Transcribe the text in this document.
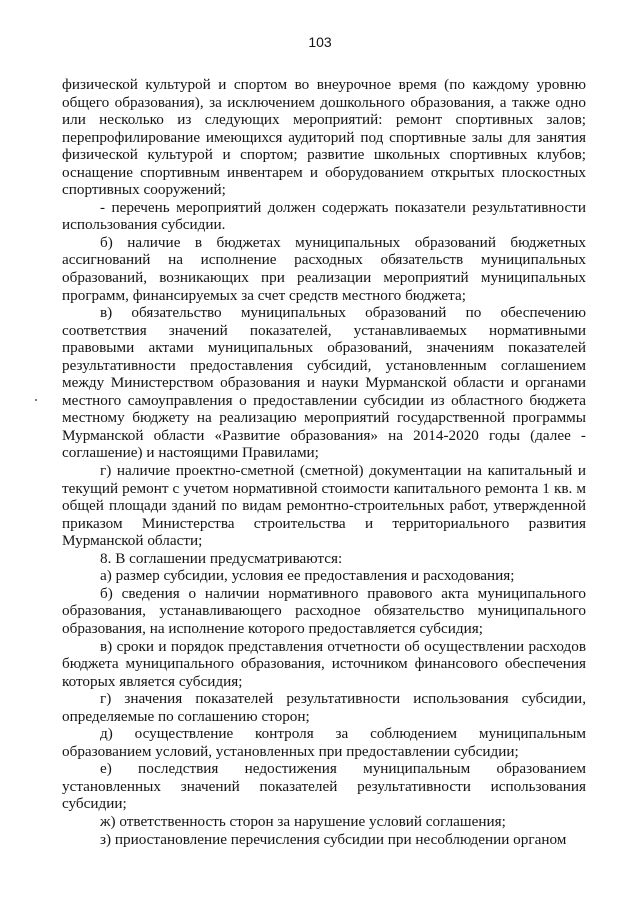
103

физической культурой и спортом во внеурочное время (по каждому уровню общего образования), за исключением дошкольного образования, а также одно или несколько из следующих мероприятий: ремонт спортивных залов; перепрофилирование имеющихся аудиторий под спортивные залы для занятия физической культурой и спортом; развитие школьных спортивных клубов; оснащение спортивным инвентарем и оборудованием открытых плоскостных спортивных сооружений;

- перечень мероприятий должен содержать показатели результативности использования субсидии.

б) наличие в бюджетах муниципальных образований бюджетных ассигнований на исполнение расходных обязательств муниципальных образований, возникающих при реализации мероприятий муниципальных программ, финансируемых за счет средств местного бюджета;

в) обязательство муниципальных образований по обеспечению соответствия значений показателей, устанавливаемых нормативными правовыми актами муниципальных образований, значениям показателей результативности предоставления субсидий, установленным соглашением между Министерством образования и науки Мурманской области и органами местного самоуправления о предоставлении субсидии из областного бюджета местному бюджету на реализацию мероприятий государственной программы Мурманской области «Развитие образования» на 2014-2020 годы (далее - соглашение) и настоящими Правилами;

г) наличие проектно-сметной (сметной) документации на капитальный и текущий ремонт с учетом нормативной стоимости капитального ремонта 1 кв. м общей площади зданий по видам ремонтно-строительных работ, утвержденной приказом Министерства строительства и территориального развития Мурманской области;

8. В соглашении предусматриваются:

а) размер субсидии, условия ее предоставления и расходования;

б) сведения о наличии нормативного правового акта муниципального образования, устанавливающего расходное обязательство муниципального образования, на исполнение которого предоставляется субсидия;

в) сроки и порядок представления отчетности об осуществлении расходов бюджета муниципального образования, источником финансового обеспечения которых является субсидия;

г) значения показателей результативности использования субсидии, определяемые по соглашению сторон;

д) осуществление контроля за соблюдением муниципальным образованием условий, установленных при предоставлении субсидии;

е) последствия недостижения муниципальным образованием установленных значений показателей результативности использования субсидии;

ж) ответственность сторон за нарушение условий соглашения;

з) приостановление перечисления субсидии при несоблюдении органом
